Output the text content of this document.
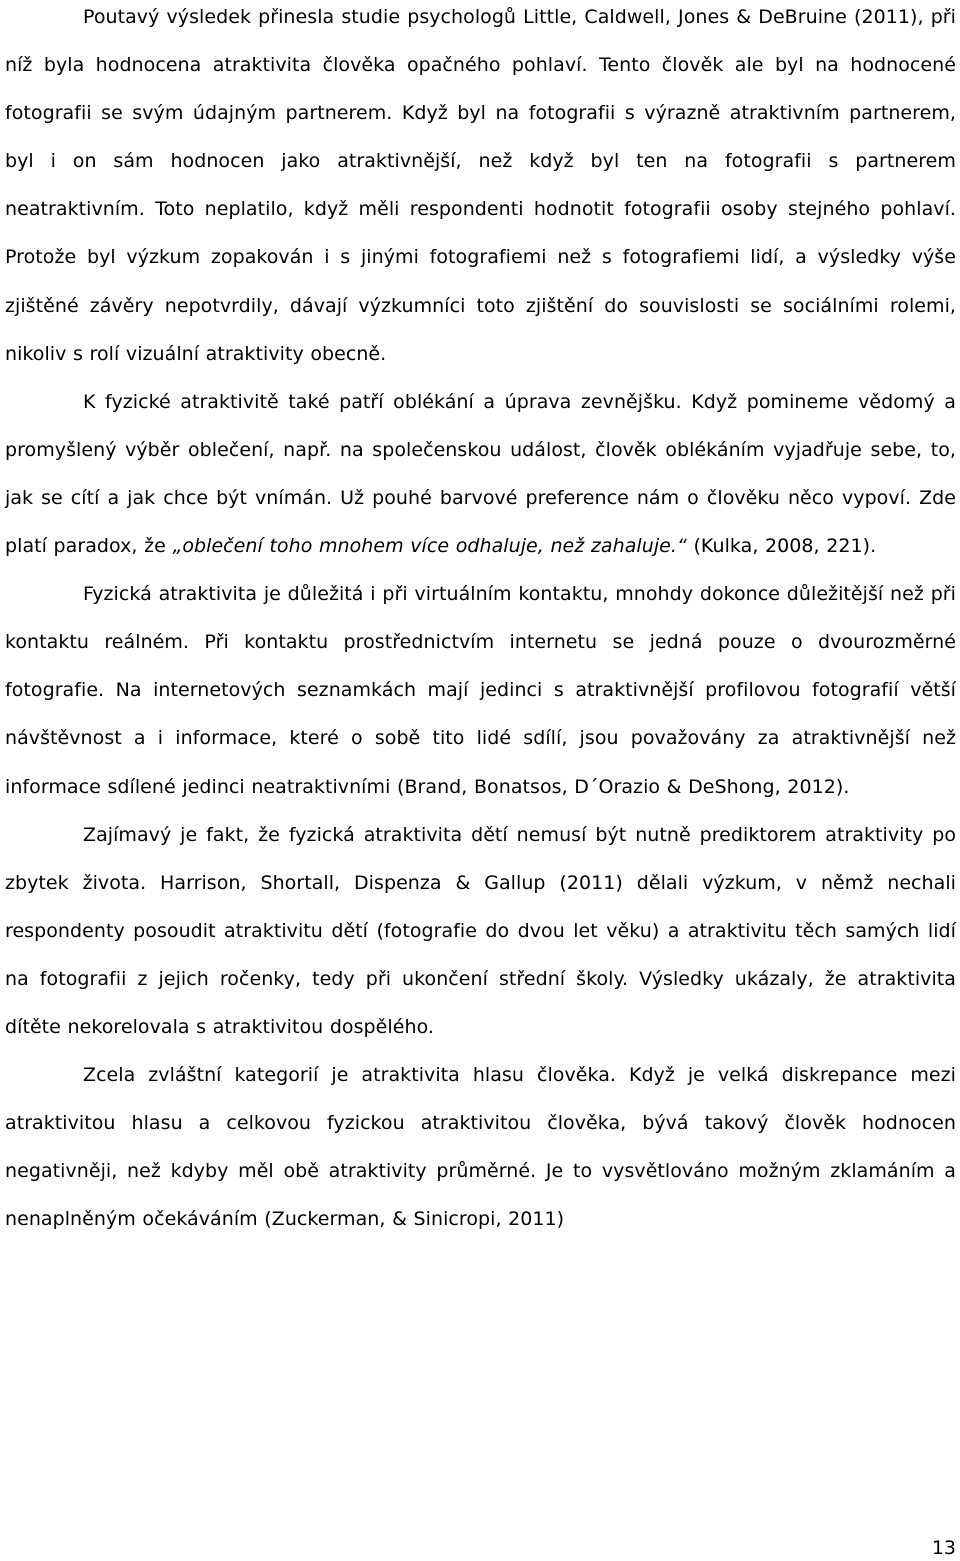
Poutavý výsledek přinesla studie psychologů Little, Caldwell, Jones & DeBruine (2011), při níž byla hodnocena atraktivita člověka opačného pohlaví. Tento člověk ale byl na hodnocené fotografii se svým údajným partnerem. Když byl na fotografii s výrazně atraktivním partnerem, byl i on sám hodnocen jako atraktivnější, než když byl ten na fotografii s partnerem neatraktivním. Toto neplatilo, když měli respondenti hodnotit fotografii osoby stejného pohlaví. Protože byl výzkum zopakován i s jinými fotografiemi než s fotografiemi lidí, a výsledky výše zjištěné závěry nepotvrdily, dávají výzkumníci toto zjištění do souvislosti se sociálními rolemi, nikoliv s rolí vizuální atraktivity obecně.

K fyzické atraktivitě také patří oblékání a úprava zevnějšku. Když pomineme vědomý a promyšlený výběr oblečení, např. na společenskou událost, člověk oblékáním vyjadřuje sebe, to, jak se cítí a jak chce být vnímán. Už pouhé barvové preference nám o člověku něco vypoví. Zde platí paradox, že „oblečení toho mnohem více odhaluje, než zahaluje.“ (Kulka, 2008, 221).

Fyzická atraktivita je důležitá i při virtuálním kontaktu, mnohdy dokonce důležitější než při kontaktu reálném. Při kontaktu prostřednictvím internetu se jedná pouze o dvourozměrné fotografie. Na internetových seznamkách mají jedinci s atraktivnější profilovou fotografií větší návštěvnost a i informace, které o sobě tito lidé sdílí, jsou považovány za atraktivnější než informace sdílené jedinci neatraktivními (Brand, Bonatsos, D´Orazio & DeShong, 2012).

Zajímavý je fakt, že fyzická atraktivita dětí nemusí být nutně prediktorem atraktivity po zbytek života. Harrison, Shortall, Dispenza & Gallup (2011) dělali výzkum, v němž nechali respondenty posoudit atraktivitu dětí (fotografie do dvou let věku) a atraktivitu těch samých lidí na fotografii z jejich ročenky, tedy při ukončení střední školy. Výsledky ukázaly, že atraktivita dítěte nekorelovala s atraktivitou dospělého.

Zcela zvláštní kategorií je atraktivita hlasu člověka. Když je velká diskrepance mezi atraktivitou hlasu a celkovou fyzickou atraktivitou člověka, bývá takový člověk hodnocen negativněji, než kdyby měl obě atraktivity průměrné. Je to vysvětlováno možným zklamáním a nenaplněným očekáváním (Zuckerman, & Sinicropi, 2011)

13
